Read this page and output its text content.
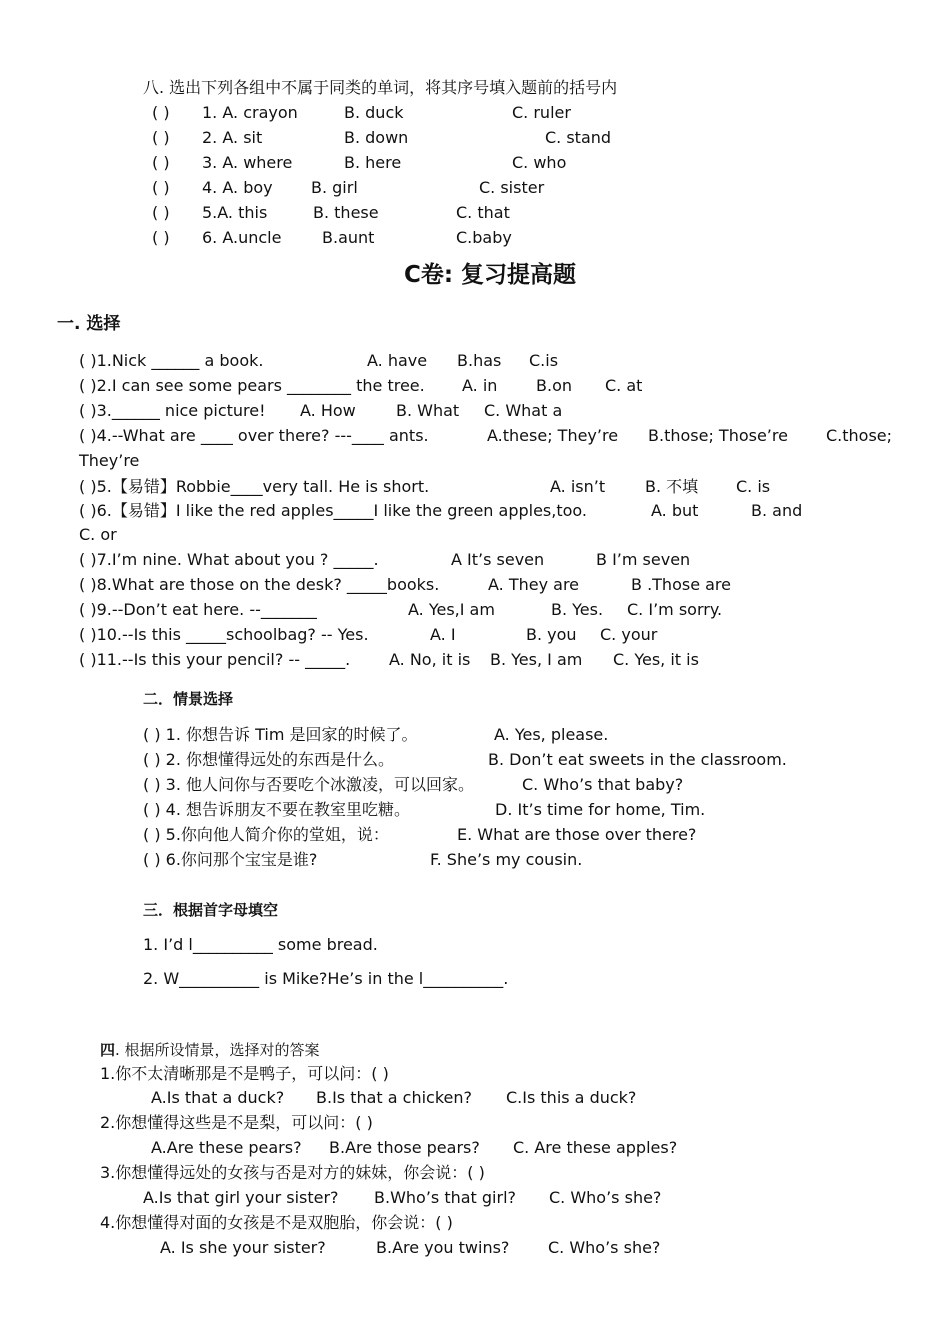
八. 选出下列各组中不属于同类的单词，将其序号填入题前的括号内
( ) 1. A. crayon	B. duck	C. ruler
( ) 2. A. sit	B. down	C. stand
( ) 3. A. where	B. here	C. who
( ) 4. A. boy B. girl	C. sister
( ) 5.A. this	B. these	C. that
( ) 6. A.uncle	B.aunt	C.baby
C卷: 复习提高题
一. 选择
( )1.Nick ______ a book.	A. have B.has C.is
( )2.I can see some pears ________ the tree. A. in B.on C. at
( )3.______ nice picture! A. How	B. What C. What a
( )4.--What are ____ over there? ---____ ants.	A.these; They’re B.those; Those’re C.those;
They’re
( )5.【易错】Robbie____very tall. He is short.	A. isn’t B. 不填 C. is
( )6.【易错】I like the red apples_____I like the green apples,too.	A. but	B. and
C. or
( )7.I’m nine. What about you ? _____.	A It’s seven	B I’m seven
( )8.What are those on the desk? _____books.	A. They are	B .Those are
( )9.--Don’t eat here. --_______	A. Yes,I am	B. Yes. C. I’m sorry.
( )10.--Is this _____schoolbag? -- Yes.	A. I	B. you C. your
( )11.--Is this your pencil? -- _____. A. No, it is B. Yes, I am C. Yes, it is
二．情景选择
( ) 1. 你想告诉 Tim 是回家的时候了。	A. Yes, please.
( ) 2. 你想懂得远处的东西是什么。	B. Don’t eat sweets in the classroom.
( ) 3. 他人问你与否要吃个冰激凌，可以回家。	C. Who’s that baby?
( ) 4. 想告诉朋友不要在教室里吃糖。	D. It’s time for home, Tim.
( ) 5.你向他人简介你的堂姐，说：	E. What are those over there?
( ) 6.你问那个宝宝是谁?	F. She’s my cousin.
三．根据首字母填空
1. I’d l__________ some bread.
2. W__________ is Mike?He’s in the l__________.
四. 根据所设情景，选择对的答案
1.你不太清晰那是不是鸭子，可以问：( )
A.Is that a duck? B.Is that a chicken? C.Is this a duck?
2.你想懂得这些是不是梨，可以问：( )
A.Are these pears? B.Are those pears? C. Are these apples?
3.你想懂得远处的女孩与否是对方的妹妹，你会说：( )
A.Is that girl your sister? B.Who’s that girl? C. Who’s she?
4.你想懂得对面的女孩是不是双胞胎，你会说：( )
A. Is she your sister?	B.Are you twins? C. Who’s she?
